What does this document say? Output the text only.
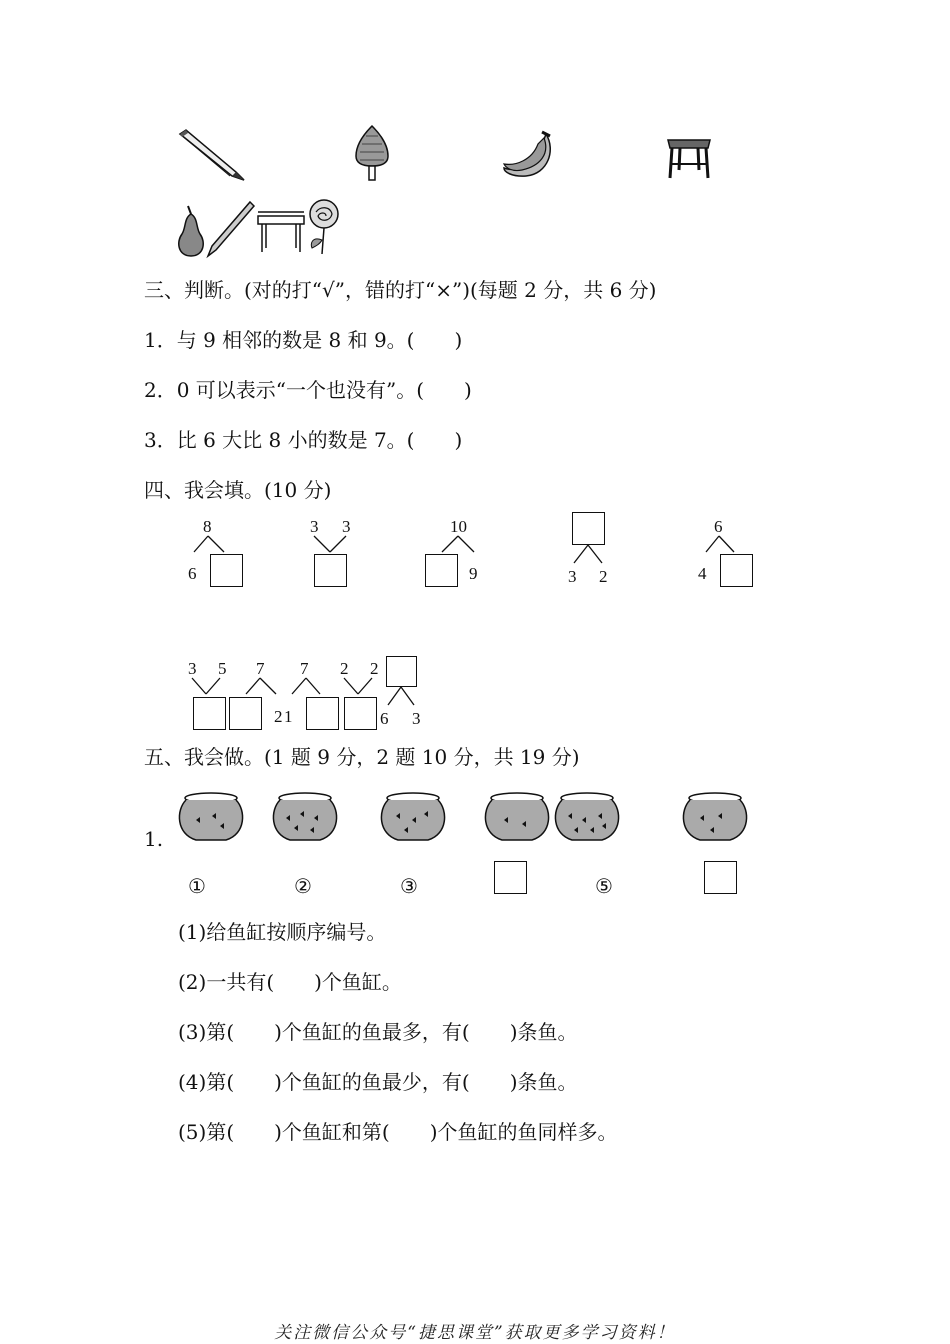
三、判断。(对的打“√”，错的打“×”)(每题 2 分，共 6 分)
1．与 9 相邻的数是 8 和 9。(　　)
2．0 可以表示“一个也没有”。(　　)
3．比 6 大比 8 小的数是 7。(　　)
四、我会填。(10 分)
8
6
3 3	10
9	3 2
6
4
3 5 7
2 1
7 2 2
6 3
五、我会做。(1 题 9 分，2 题 10 分，共 19 分)
1.
①	②	③	⑤
(1)给鱼缸按顺序编号。
(2)一共有(　　)个鱼缸。
(3)第(　　)个鱼缸的鱼最多，有(　　)条鱼。
(4)第(　　)个鱼缸的鱼最少，有(　　)条鱼。
(5)第(　　)个鱼缸和第(　　)个鱼缸的鱼同样多。
关注微信公众号“捷思课堂”获取更多学习资料！
